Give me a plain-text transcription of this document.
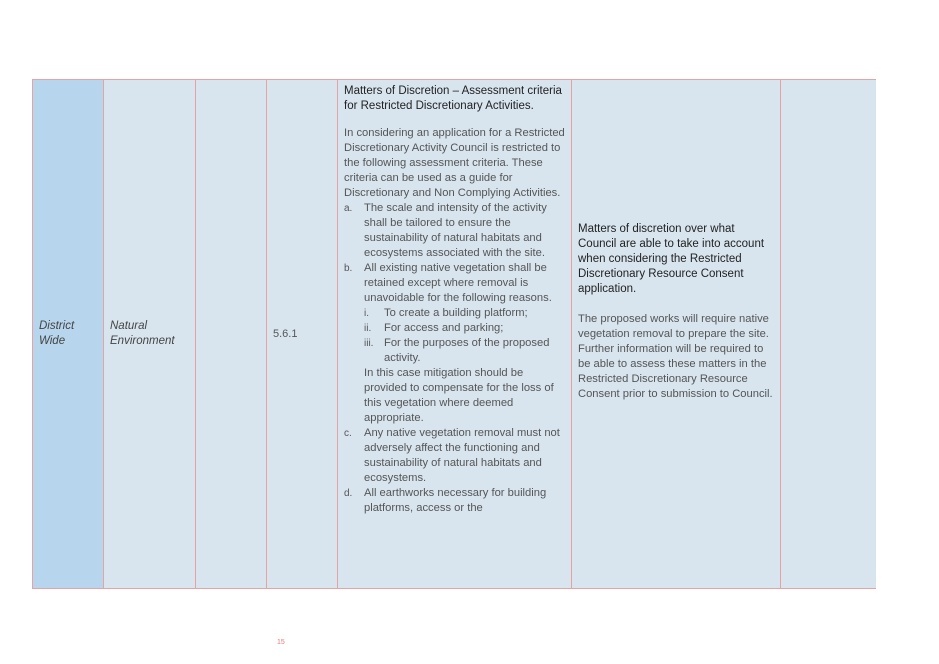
District Wide
Natural Environment
5.6.1

Matters of Discretion – Assessment criteria for Restricted Discretionary Activities.

In considering an application for a Restricted Discretionary Activity Council is restricted to the following assessment criteria. These criteria can be used as a guide for Discretionary and Non Complying Activities.

a. The scale and intensity of the activity shall be tailored to ensure the sustainability of natural habitats and ecosystems associated with the site.
b. All existing native vegetation shall be retained except where removal is unavoidable for the following reasons.
i. To create a building platform;
ii. For access and parking;
iii. For the purposes of the proposed activity.
In this case mitigation should be provided to compensate for the loss of this vegetation where deemed appropriate.
c. Any native vegetation removal must not adversely affect the functioning and sustainability of natural habitats and ecosystems.
d. All earthworks necessary for building platforms, access or the

Matters of discretion over what Council are able to take into account when considering the Restricted Discretionary Resource Consent application.

The proposed works will require native vegetation removal to prepare the site. Further information will be required to be able to assess these matters in the Restricted Discretionary Resource Consent prior to submission to Council.

15
